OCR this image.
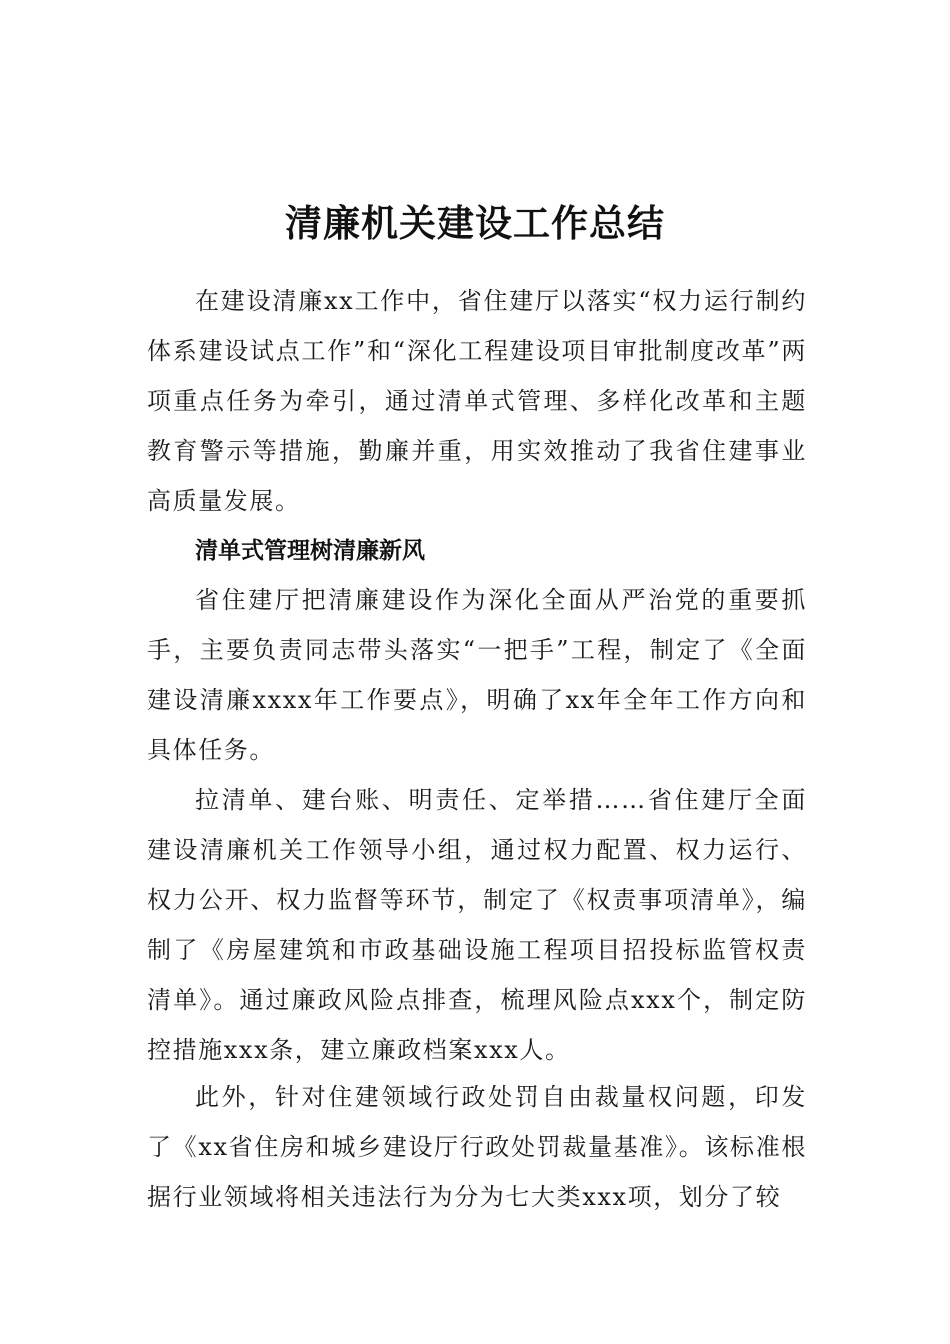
清廉机关建设工作总结

在建设清廉xx工作中，省住建厅以落实“权力运行制约体系建设试点工作”和“深化工程建设项目审批制度改革”两项重点任务为牵引，通过清单式管理、多样化改革和主题教育警示等措施，勤廉并重，用实效推动了我省住建事业高质量发展。

清单式管理树清廉新风

省住建厅把清廉建设作为深化全面从严治党的重要抓手，主要负责同志带头落实“一把手”工程，制定了《全面建设清廉xxxx年工作要点》，明确了xx年全年工作方向和具体任务。

拉清单、建台账、明责任、定举措……省住建厅全面建设清廉机关工作领导小组，通过权力配置、权力运行、权力公开、权力监督等环节，制定了《权责事项清单》，编制了《房屋建筑和市政基础设施工程项目招投标监管权责清单》。通过廉政风险点排查，梳理风险点xxx个，制定防控措施xxx条，建立廉政档案xxx人。

此外，针对住建领域行政处罚自由裁量权问题，印发了《xx省住房和城乡建设厅行政处罚裁量基准》。该标准根据行业领域将相关违法行为分为七大类xxx项，划分了较
